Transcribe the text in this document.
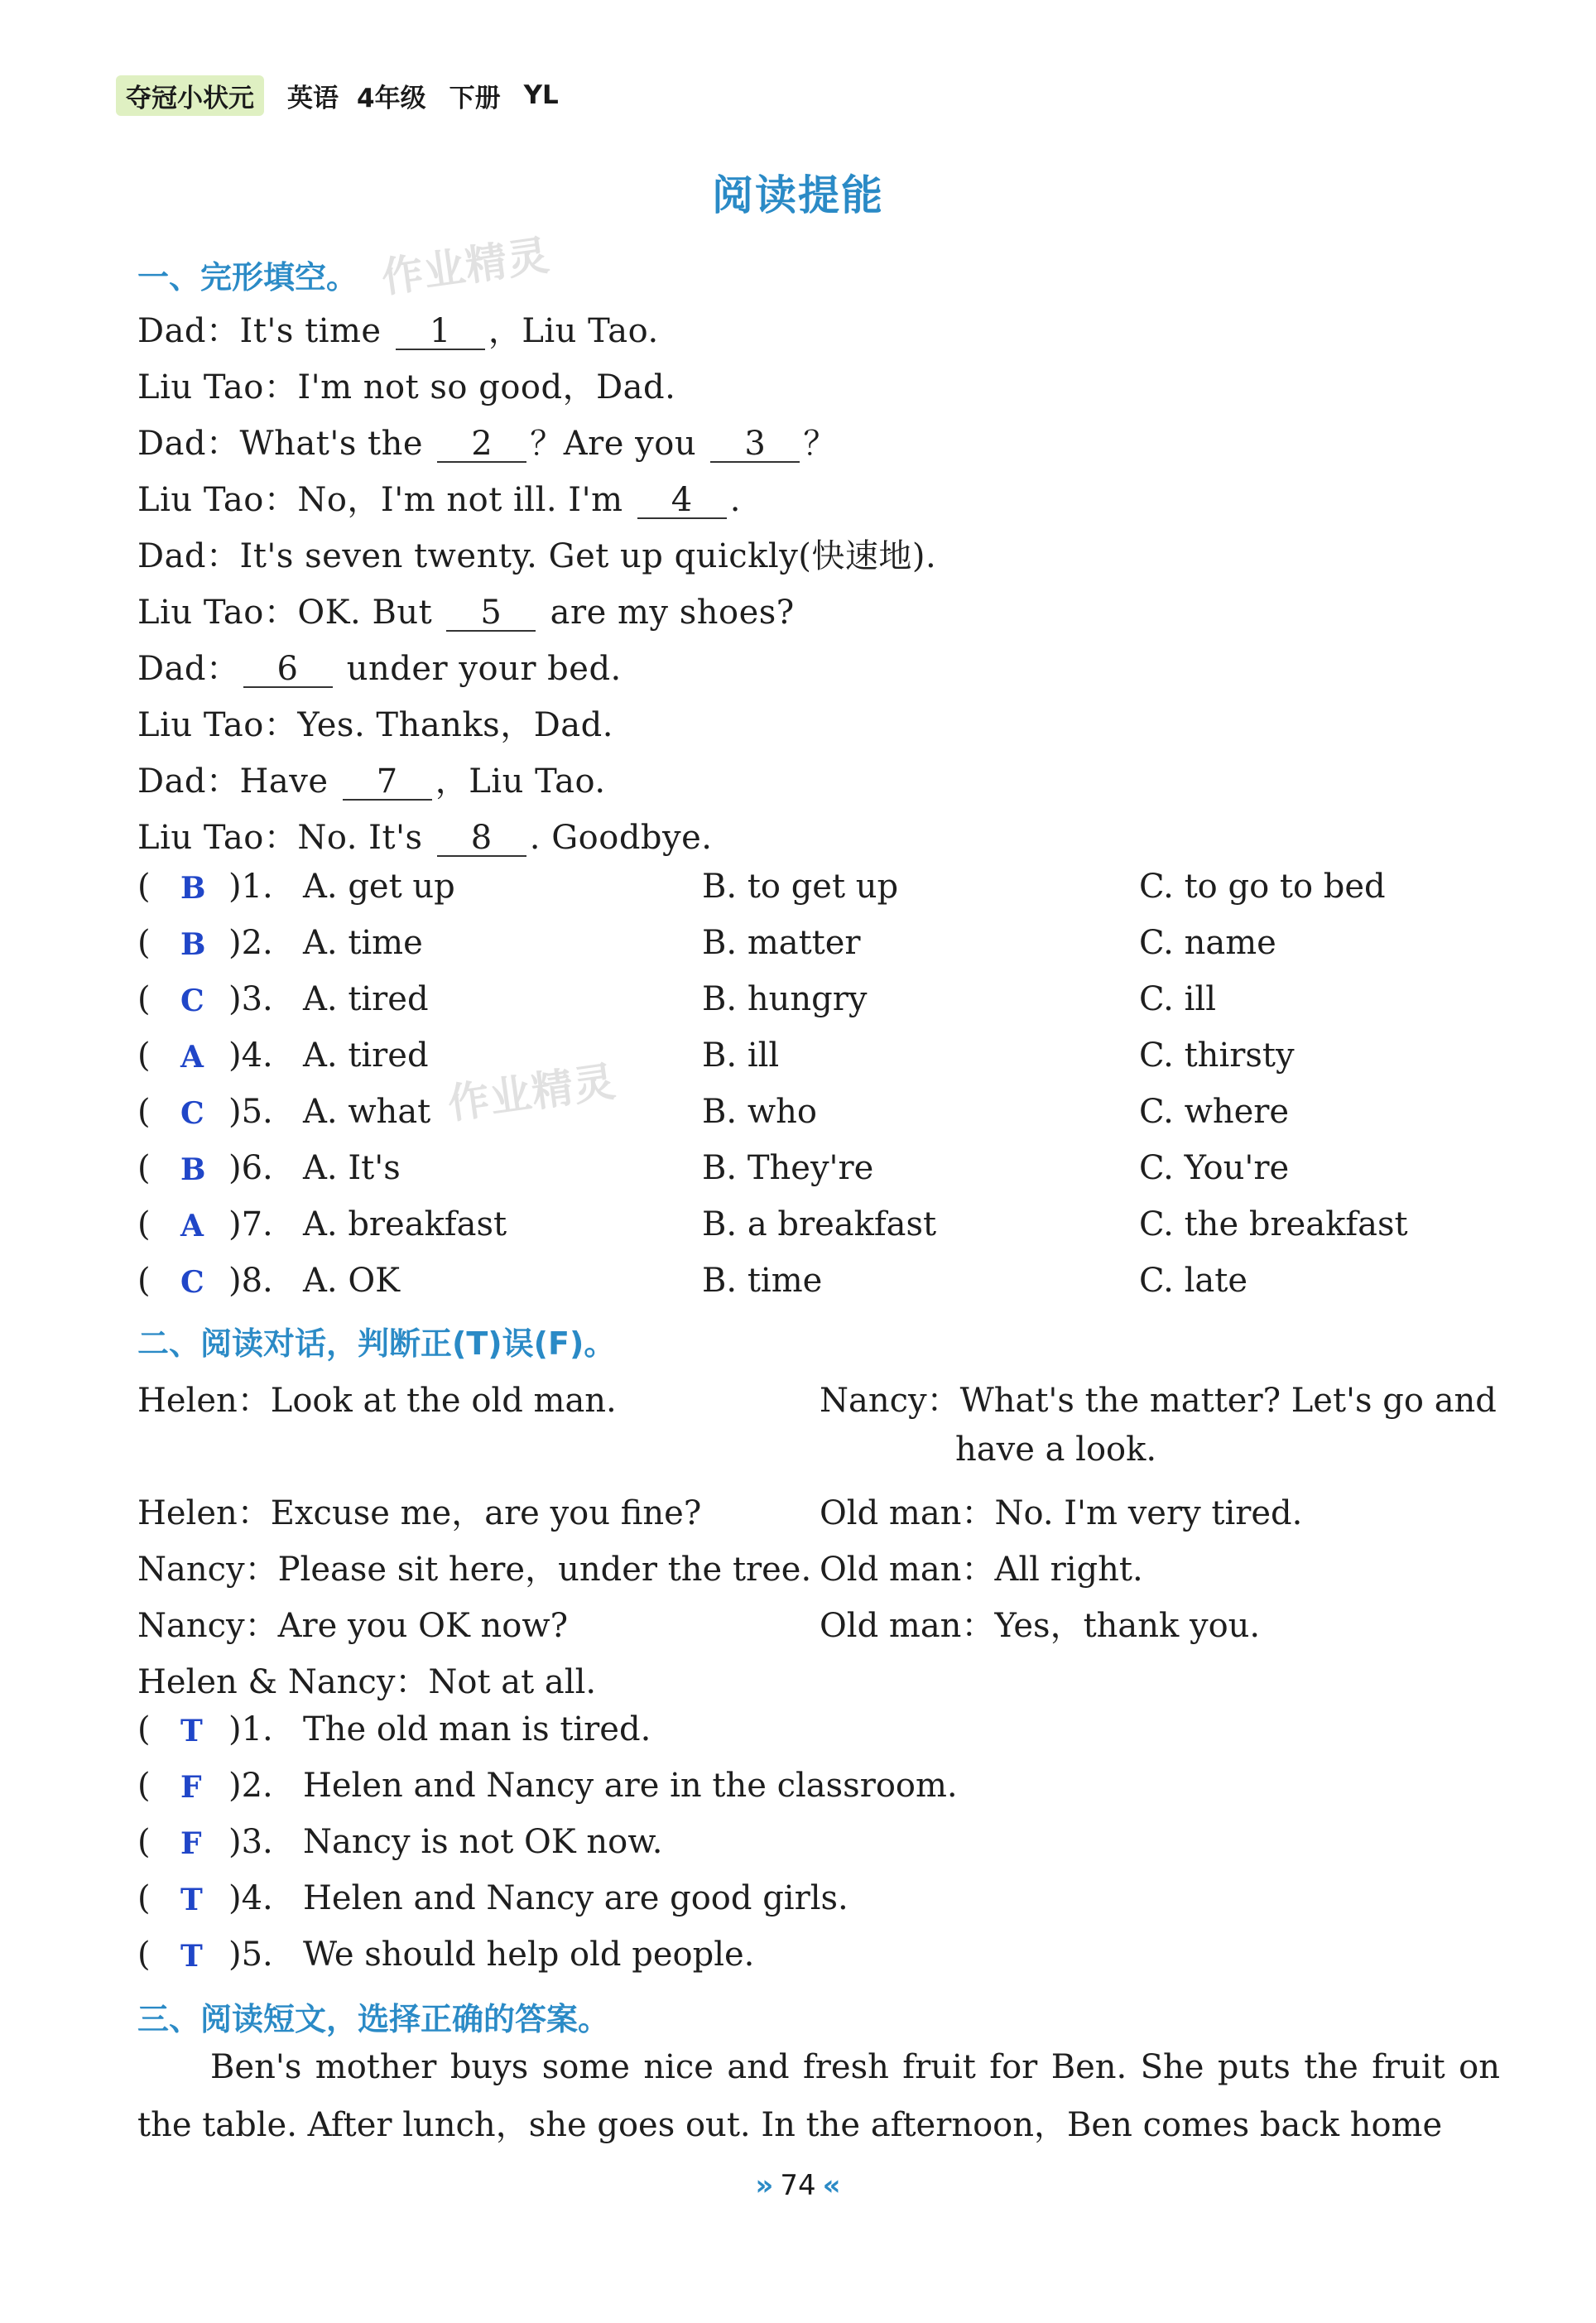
夺冠小状元	英语 4年级 下册 YL
阅读提能
作业精灵
作业精灵
一、完形填空。
Dad：It's time 1 ，Liu Tao.
Liu Tao：I'm not so good，Dad.
Dad：What's the 2 ？Are you 3 ？
Liu Tao：No，I'm not ill. I'm 4 .
Dad：It's seven twenty. Get up quickly(快速地).
Liu Tao：OK. But 5 are my shoes?
Dad： 6 under your bed.
Liu Tao：Yes. Thanks，Dad.
Dad：Have 7 ，Liu Tao.
Liu Tao：No. It's 8 . Goodbye.
( B )1. A. get up	B. to get up	C. to go to bed
( B )2. A. time	B. matter	C. name
( C )3. A. tired	B. hungry	C. ill
( A )4. A. tired	B. ill	C. thirsty
( C )5. A. what	B. who	C. where
( B )6. A. It's	B. They're	C. You're
( A )7. A. breakfast	B. a breakfast	C. the breakfast
( C )8. A. OK	B. time	C. late
二、阅读对话，判断正(T)误(F)。
Helen：Look at the old man.	Nancy：What's the matter? Let's go and
have a look.
Helen：Excuse me，are you fine?	Old man：No. I'm very tired.
Nancy：Please sit here，under the tree. Old man：All right.
Nancy：Are you OK now?	Old man：Yes，thank you.
Helen & Nancy：Not at all.
( T )1. The old man is tired.
( F )2. Helen and Nancy are in the classroom.
( F )3. Nancy is not OK now.
( T )4. Helen and Nancy are good girls.
( T )5. We should help old people.
三、阅读短文，选择正确的答案。
Ben's mother buys some nice and fresh fruit for Ben. She puts the fruit on the table. After lunch，she goes out. In the afternoon，Ben comes back home
» 74 «
